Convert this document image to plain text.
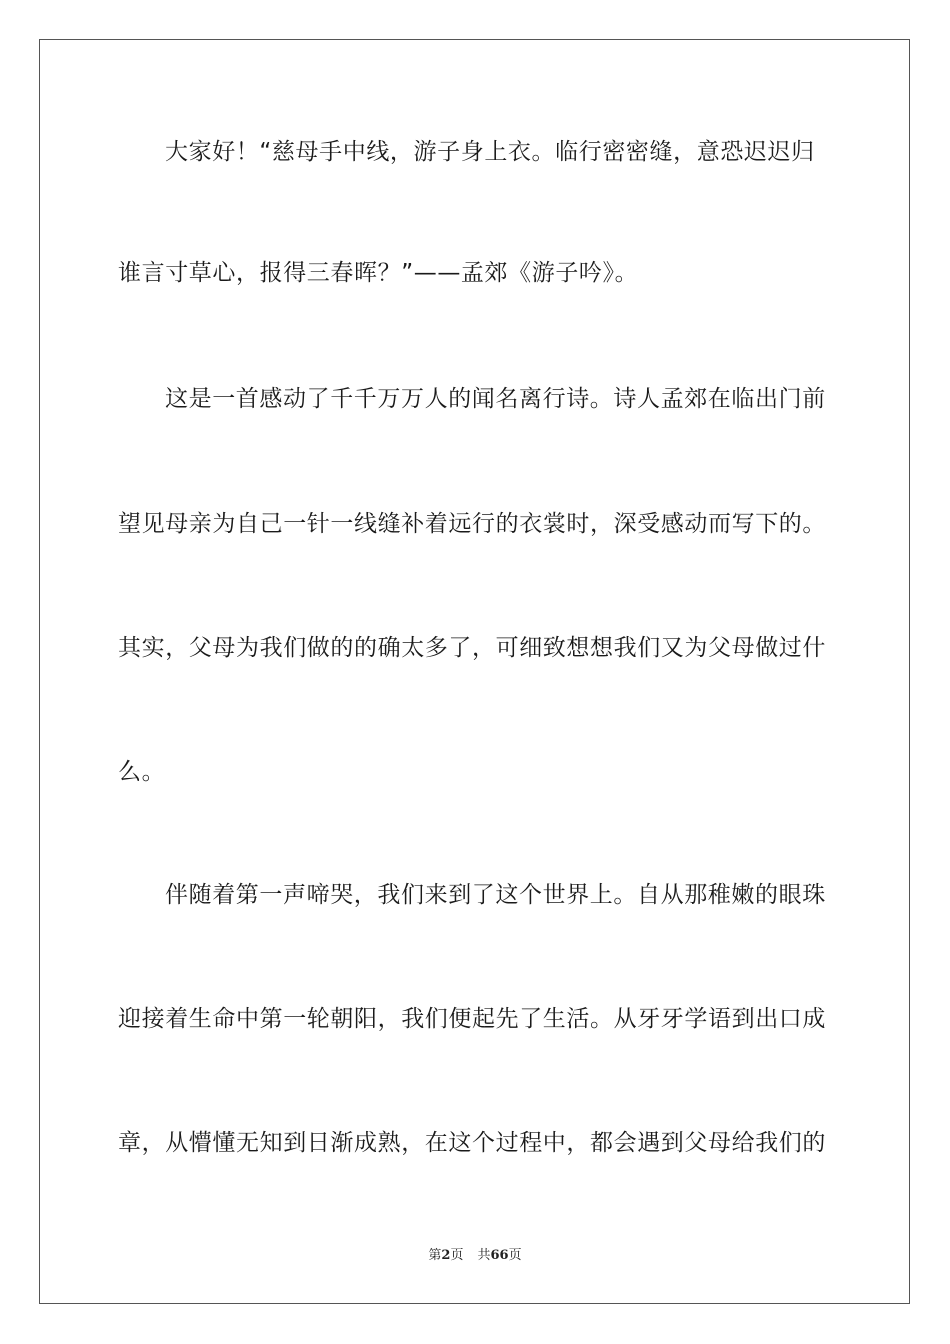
大家好！“慈母手中线，游子身上衣。临行密密缝，意恐迟迟归
谁言寸草心，报得三春晖？”——孟郊《游子吟》。
这是一首感动了千千万万人的闻名离行诗。诗人孟郊在临出门前
望见母亲为自己一针一线缝补着远行的衣裳时，深受感动而写下的。
其实，父母为我们做的的确太多了，可细致想想我们又为父母做过什
么。
伴随着第一声啼哭，我们来到了这个世界上。自从那稚嫩的眼珠
迎接着生命中第一轮朝阳，我们便起先了生活。从牙牙学语到出口成
章，从懵懂无知到日渐成熟，在这个过程中，都会遇到父母给我们的
第2页 共66页
